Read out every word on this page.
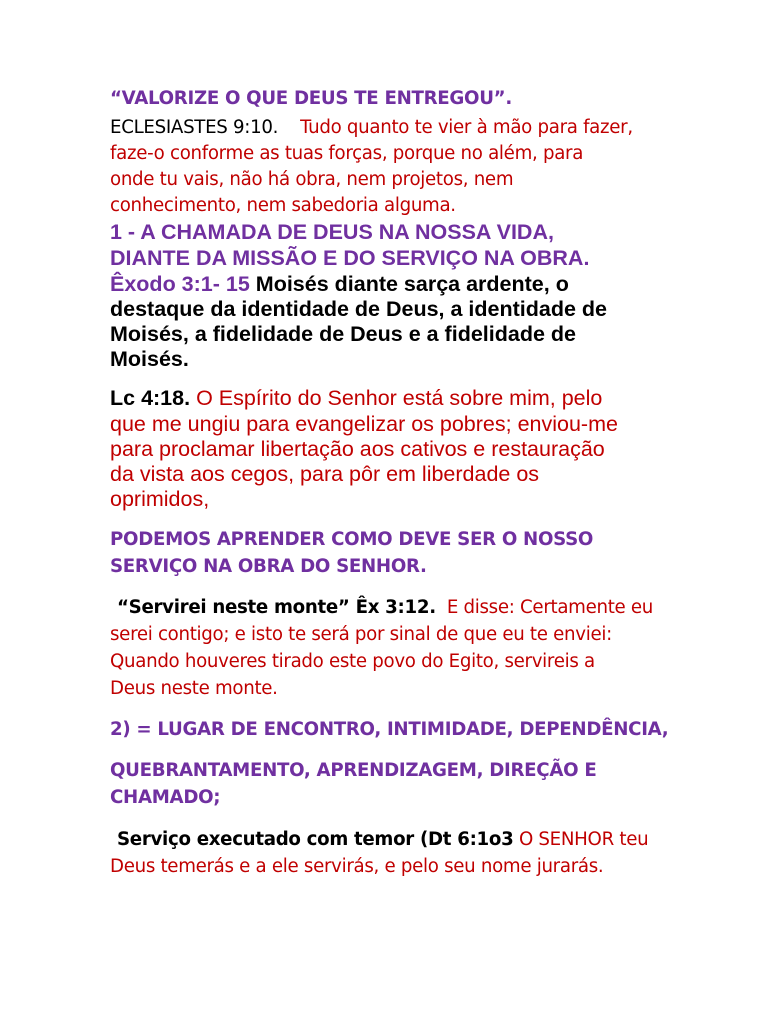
“VALORIZE O QUE DEUS TE ENTREGOU”.

ECLESIASTES 9:10. Tudo quanto te vier à mão para fazer,

faze-o conforme as tuas forças, porque no além, para

onde tu vais, não há obra, nem projetos, nem

conhecimento, nem sabedoria alguma.

1 - A CHAMADA DE DEUS NA NOSSA VIDA,

DIANTE DA MISSÃO E DO SERVIÇO NA OBRA.

Êxodo 3:1- 15 Moisés diante sarça ardente, o

destaque da identidade de Deus, a identidade de

Moisés, a fidelidade de Deus e a fidelidade de

Moisés.

Lc 4:18. O Espírito do Senhor está sobre mim, pelo

que me ungiu para evangelizar os pobres; enviou-me

para proclamar libertação aos cativos e restauração

da vista aos cegos, para pôr em liberdade os

oprimidos,

PODEMOS APRENDER COMO DEVE SER O NOSSO

SERVIÇO NA OBRA DO SENHOR.

“Servirei neste monte” Êx 3:12. E disse: Certamente eu

serei contigo; e isto te será por sinal de que eu te enviei:

Quando houveres tirado este povo do Egito, servireis a

Deus neste monte.

2) = LUGAR DE ENCONTRO, INTIMIDADE, DEPENDÊNCIA,

QUEBRANTAMENTO, APRENDIZAGEM, DIREÇÃO E

CHAMADO;

Serviço executado com temor (Dt 6:1o3 O SENHOR teu

Deus temerás e a ele servirás, e pelo seu nome jurarás.
